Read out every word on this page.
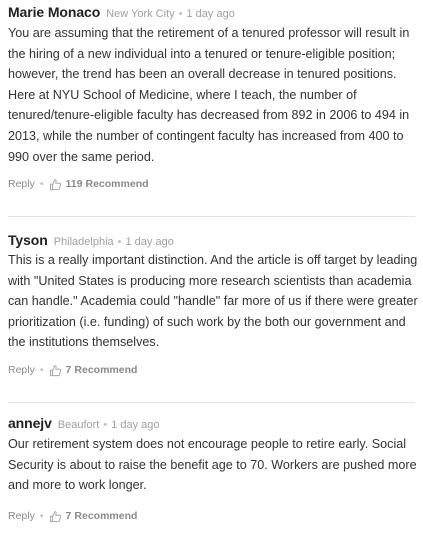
Marie Monaco New York City • 1 day ago

You are assuming that the retirement of a tenured professor will result in the hiring of a new individual into a tenured or tenure-eligible position; however, the trend has been an overall decrease in tenured positions. Here at NYU School of Medicine, where I teach, the number of tenured/tenure-eligible faculty has decreased from 892 in 2006 to 494 in 2013, while the number of contingent faculty has increased from 400 to 990 over the same period.

Reply • 119 Recommend
Tyson Philadelphia • 1 day ago

This is a really important distinction. And the article is off target by leading with "United States is producing more research scientists than academia can handle." Academia could "handle" far more of us if there were greater prioritization (i.e. funding) of such work by the both our government and the institutions themselves.

Reply • 7 Recommend
annejv Beaufort • 1 day ago

Our retirement system does not encourage people to retire early. Social Security is about to raise the benefit age to 70. Workers are pushed more and more to work longer.

Reply • 7 Recommend
